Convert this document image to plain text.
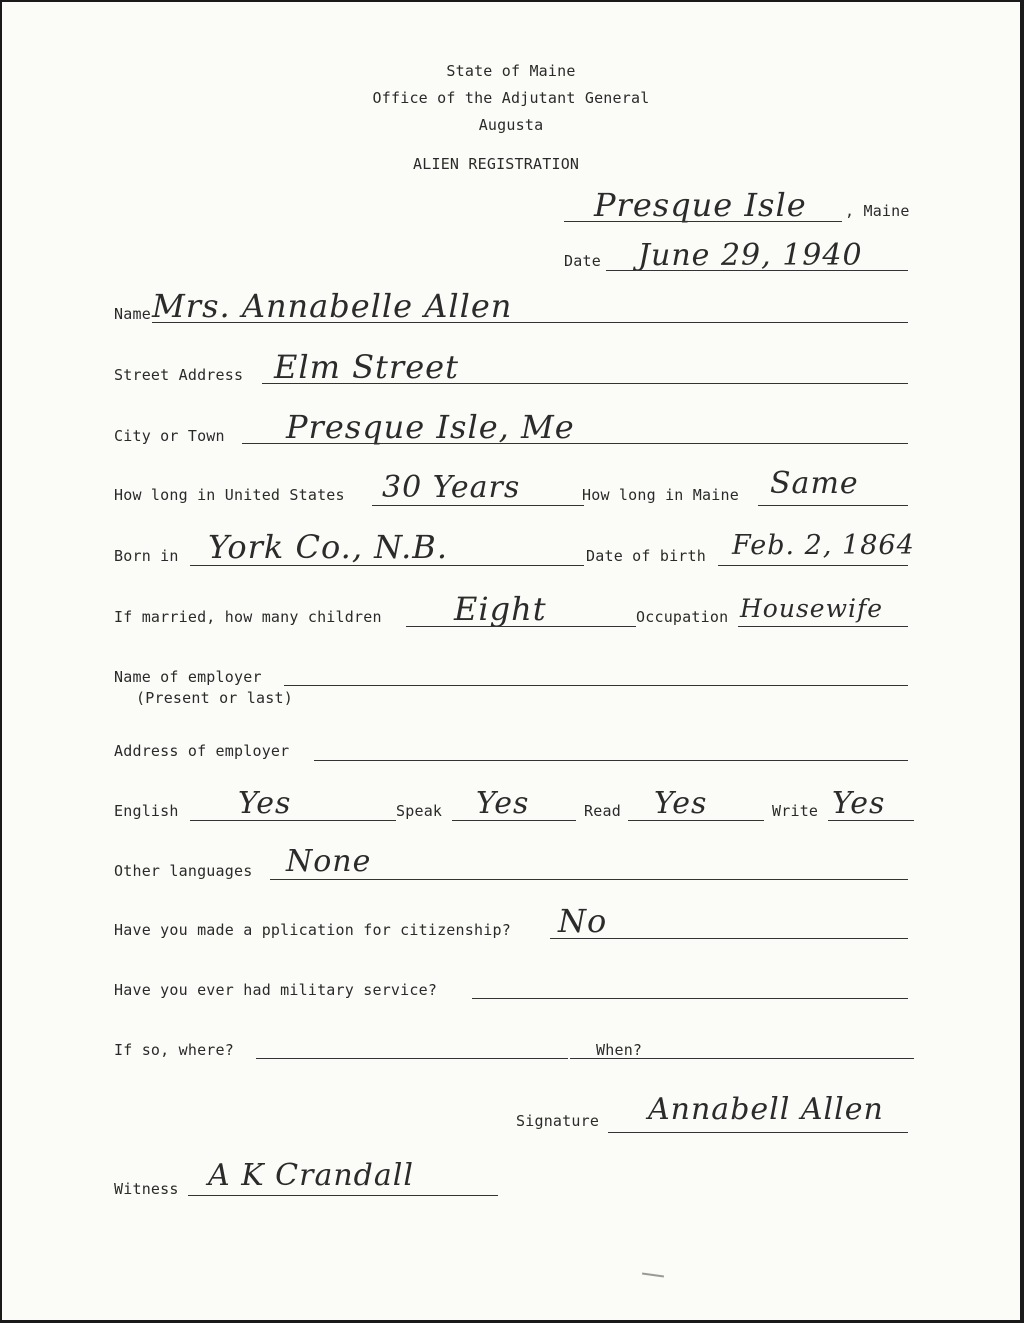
State of Maine
Office of the Adjutant General
Augusta
ALIEN REGISTRATION
Presque Isle	, Maine
Date June 29, 1940
Name Mrs. Annabelle Allen
Street Address Elm Street
City or Town Presque Isle, Me
How long in United States 30 Years	How long in Maine Same
Born in York Co., N.B.	Date of birth Feb. 2, 1864
If married, how many children Eight	Occupation Housewife
Name of employer
(Present or last)
Address of employer
English Yes	Speak Yes	Read Yes	Write Yes
Other languages None
Have you made a pplication for citizenship? No
Have you ever had military service?
If so, where?	When?
Signature Annabell Allen
Witness A K Crandall
